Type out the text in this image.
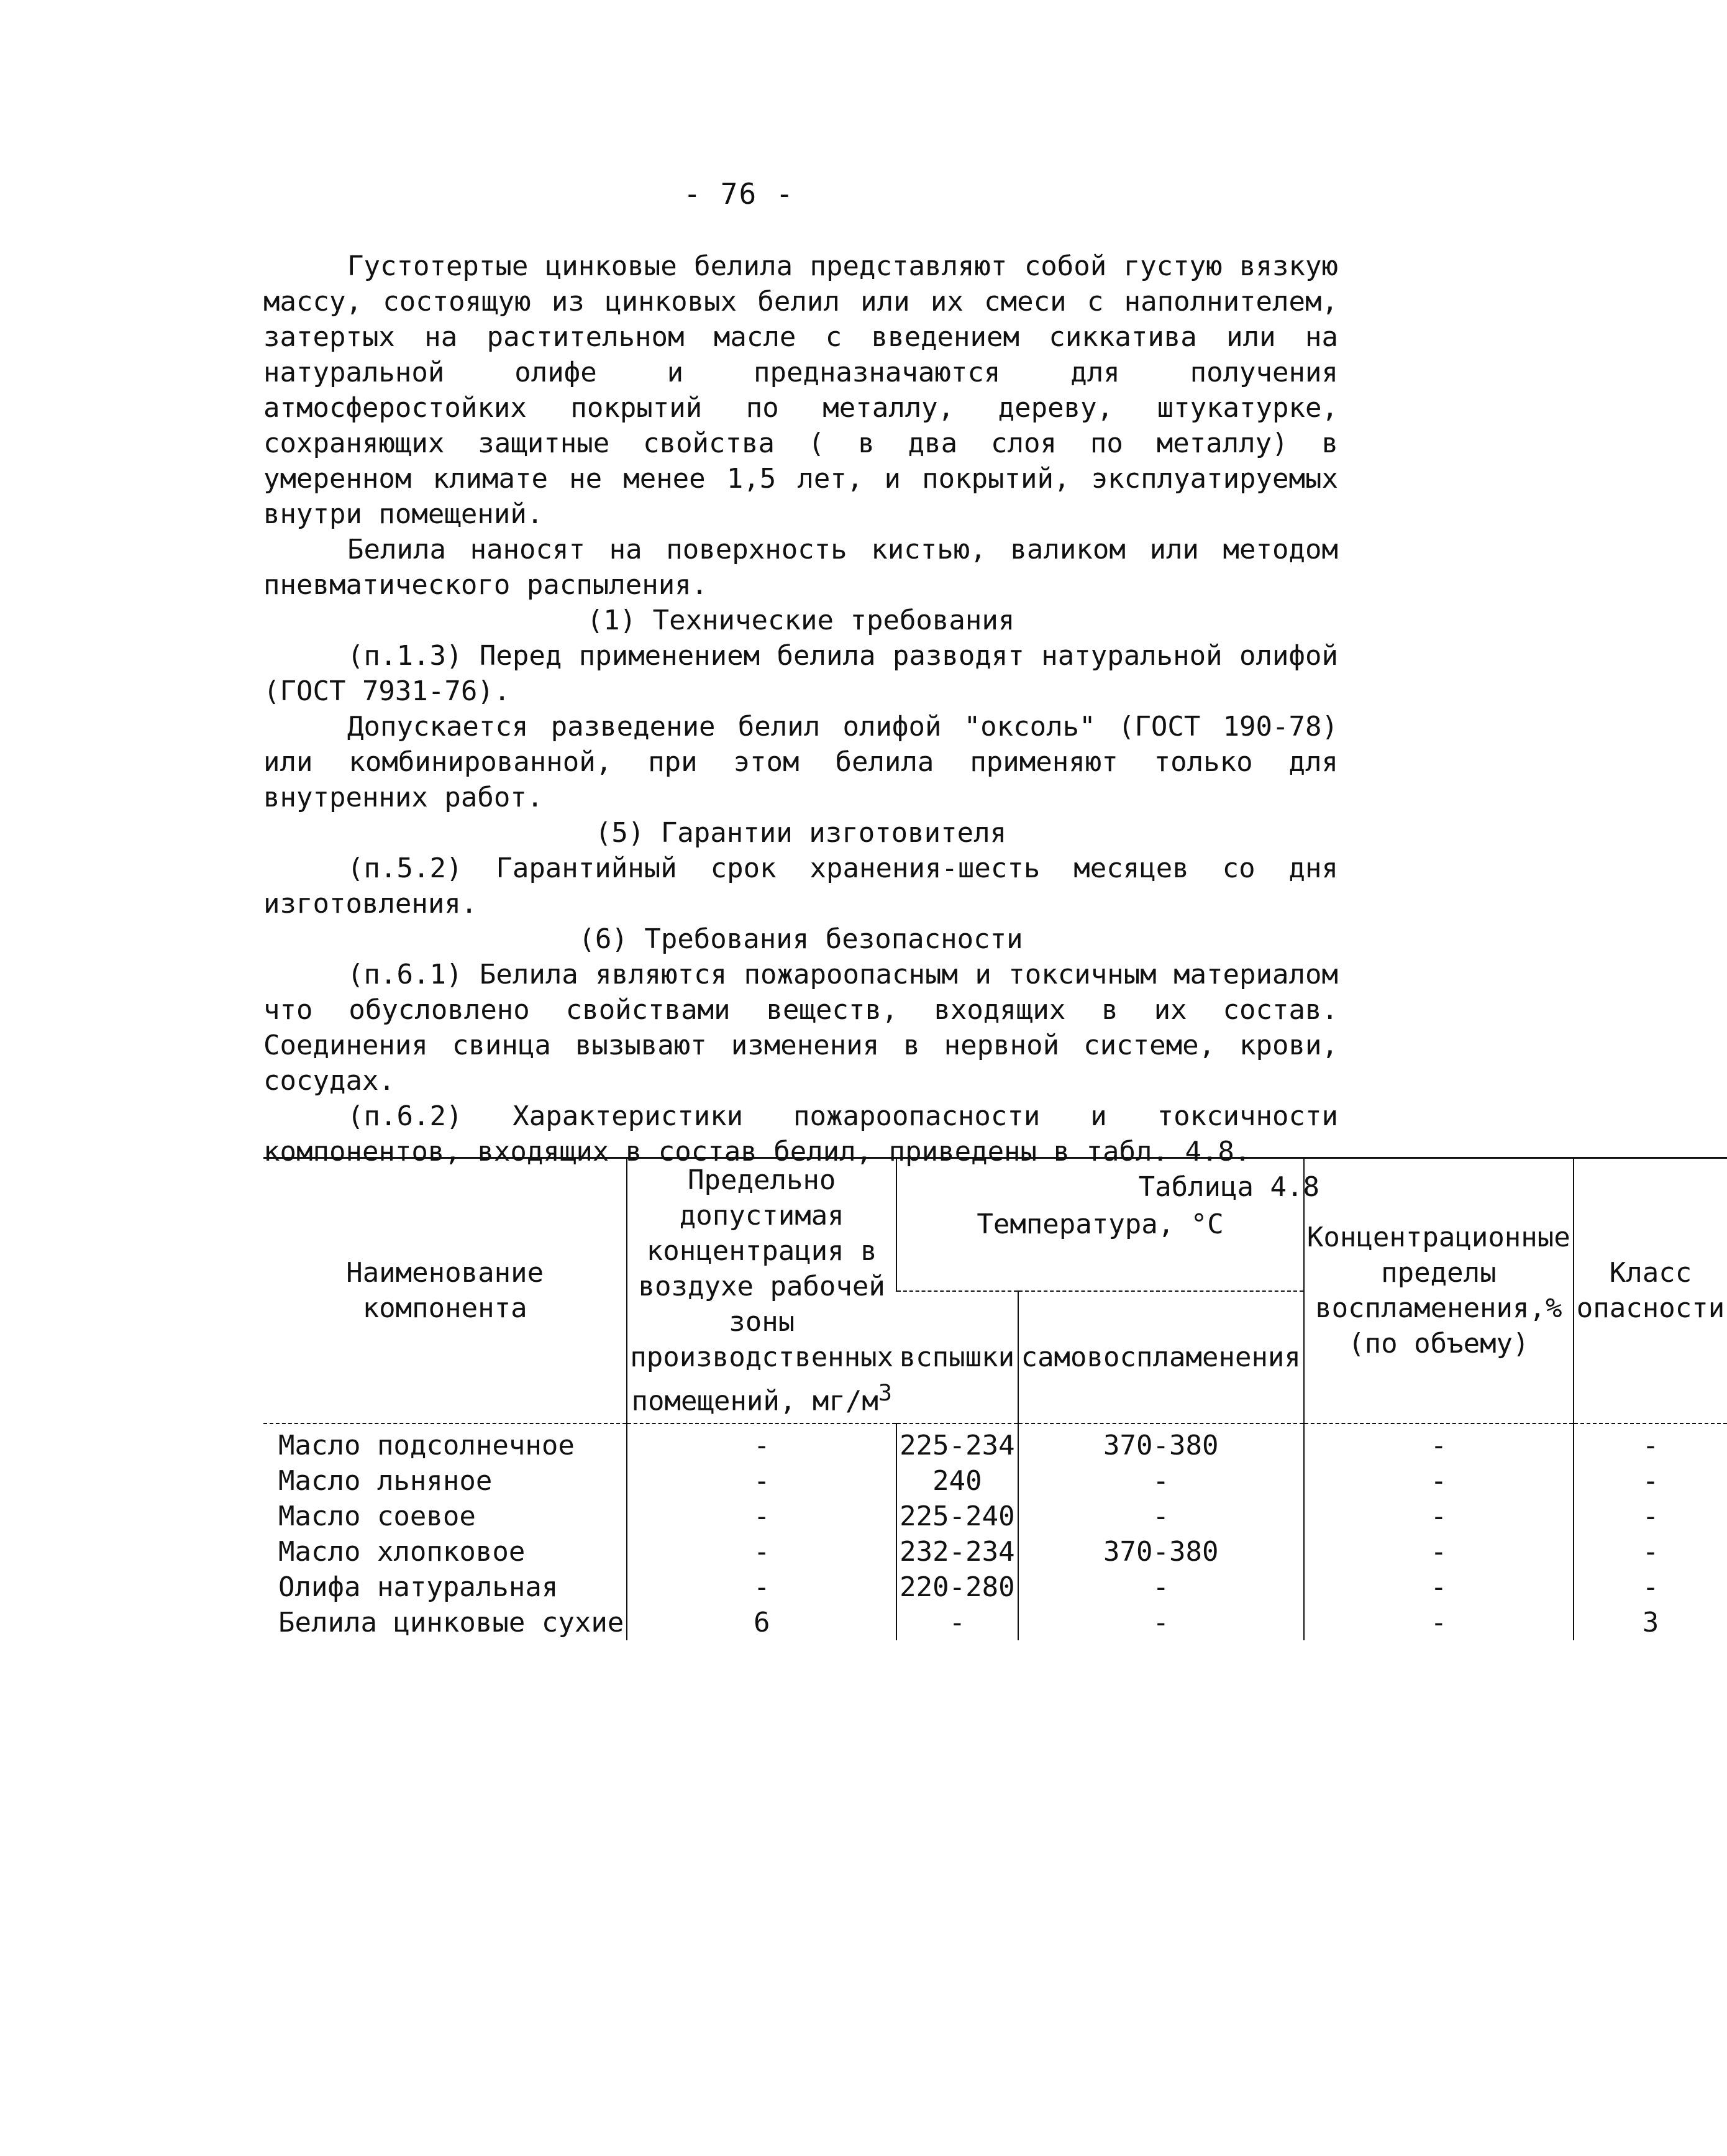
- 76 -

Густотертые цинковые белила представляют собой густую вязкую массу, состоящую из цинковых белил или их смеси с наполнителем, затертых на растительном масле с введением сиккатива или на натуральной олифе и предназначаются для получения атмосферостойких покрытий по металлу, дереву, штукатурке, сохраняющих защитные свойства ( в два слоя по металлу) в умеренном климате не менее 1,5 лет, и покрытий, эксплуатируемых внутри помещений.

Белила наносят на поверхность кистью, валиком или методом пневматического распыления.

(1) Технические требования

(п.1.3) Перед применением белила разводят натуральной олифой (ГОСТ 7931-76).

Допускается разведение белил олифой "оксоль" (ГОСТ 190-78) или комбинированной, при этом белила применяют только для внутренних работ.

(5) Гарантии изготовителя

(п.5.2) Гарантийный срок хранения-шесть месяцев со дня изготовления.

(6) Требования безопасности

(п.6.1) Белила являются пожароопасным и токсичным материалом что обусловлено свойствами веществ, входящих в их состав. Соединения свинца вызывают изменения в нервной системе, крови, сосудах.

(п.6.2) Характеристики пожароопасности и токсичности компонентов, входящих в состав белил, приведены в табл. 4.8.

Таблица 4.8

Наименование компонента	Предельно допустимая концентрация в воздухе рабочей зоны производственных помещений, $мг/м^3$	Температура, °С		Концентрационные пределы воспламенения,% (по объему)	Класс опасности
		вспышки	самовоспламенения		
Масло подсолнечное	-	225-234	370-380	-	-
Масло льняное	-	240	-	-	-
Масло соевое	-	225-240	-	-	-
Масло хлопковое	-	232-234	370-380	-	-
Олифа натуральная	-	220-280	-	-	-
Белила цинковые сухие	6	-	-	-	3
